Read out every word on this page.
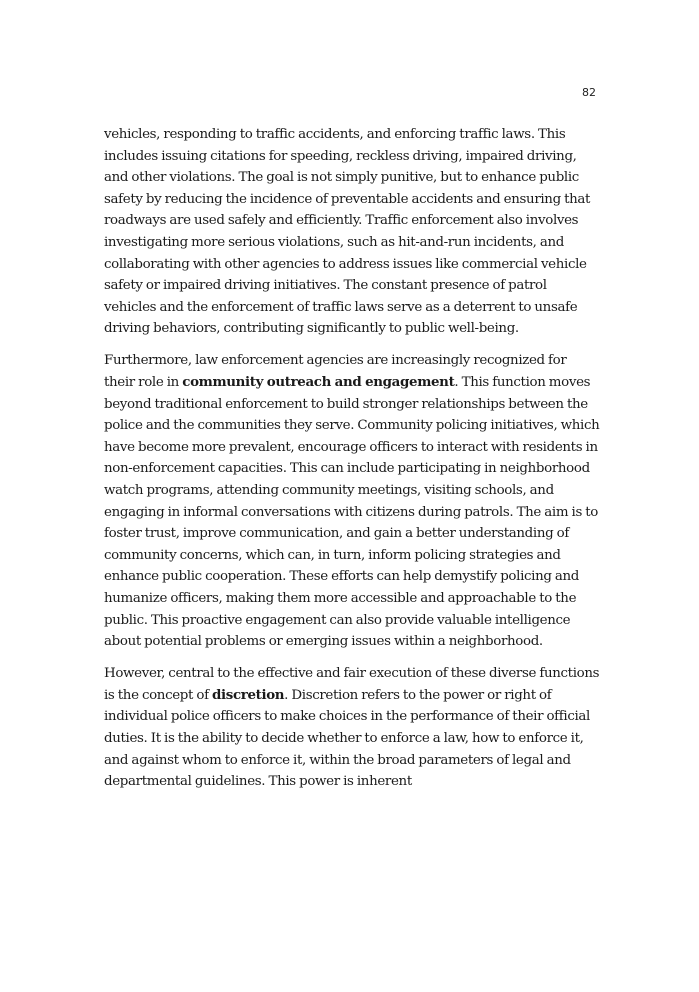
82

vehicles, responding to traffic accidents, and enforcing traffic laws. This includes issuing citations for speeding, reckless driving, impaired driving, and other violations. The goal is not simply punitive, but to enhance public safety by reducing the incidence of preventable accidents and ensuring that roadways are used safely and efficiently. Traffic enforcement also involves investigating more serious violations, such as hit-and-run incidents, and collaborating with other agencies to address issues like commercial vehicle safety or impaired driving initiatives. The constant presence of patrol vehicles and the enforcement of traffic laws serve as a deterrent to unsafe driving behaviors, contributing significantly to public well-being.

Furthermore, law enforcement agencies are increasingly recognized for their role in community outreach and engagement. This function moves beyond traditional enforcement to build stronger relationships between the police and the communities they serve. Community policing initiatives, which have become more prevalent, encourage officers to interact with residents in non-enforcement capacities. This can include participating in neighborhood watch programs, attending community meetings, visiting schools, and engaging in informal conversations with citizens during patrols. The aim is to foster trust, improve communication, and gain a better understanding of community concerns, which can, in turn, inform policing strategies and enhance public cooperation. These efforts can help demystify policing and humanize officers, making them more accessible and approachable to the public. This proactive engagement can also provide valuable intelligence about potential problems or emerging issues within a neighborhood.

However, central to the effective and fair execution of these diverse functions is the concept of discretion. Discretion refers to the power or right of individual police officers to make choices in the performance of their official duties. It is the ability to decide whether to enforce a law, how to enforce it, and against whom to enforce it, within the broad parameters of legal and departmental guidelines. This power is inherent
